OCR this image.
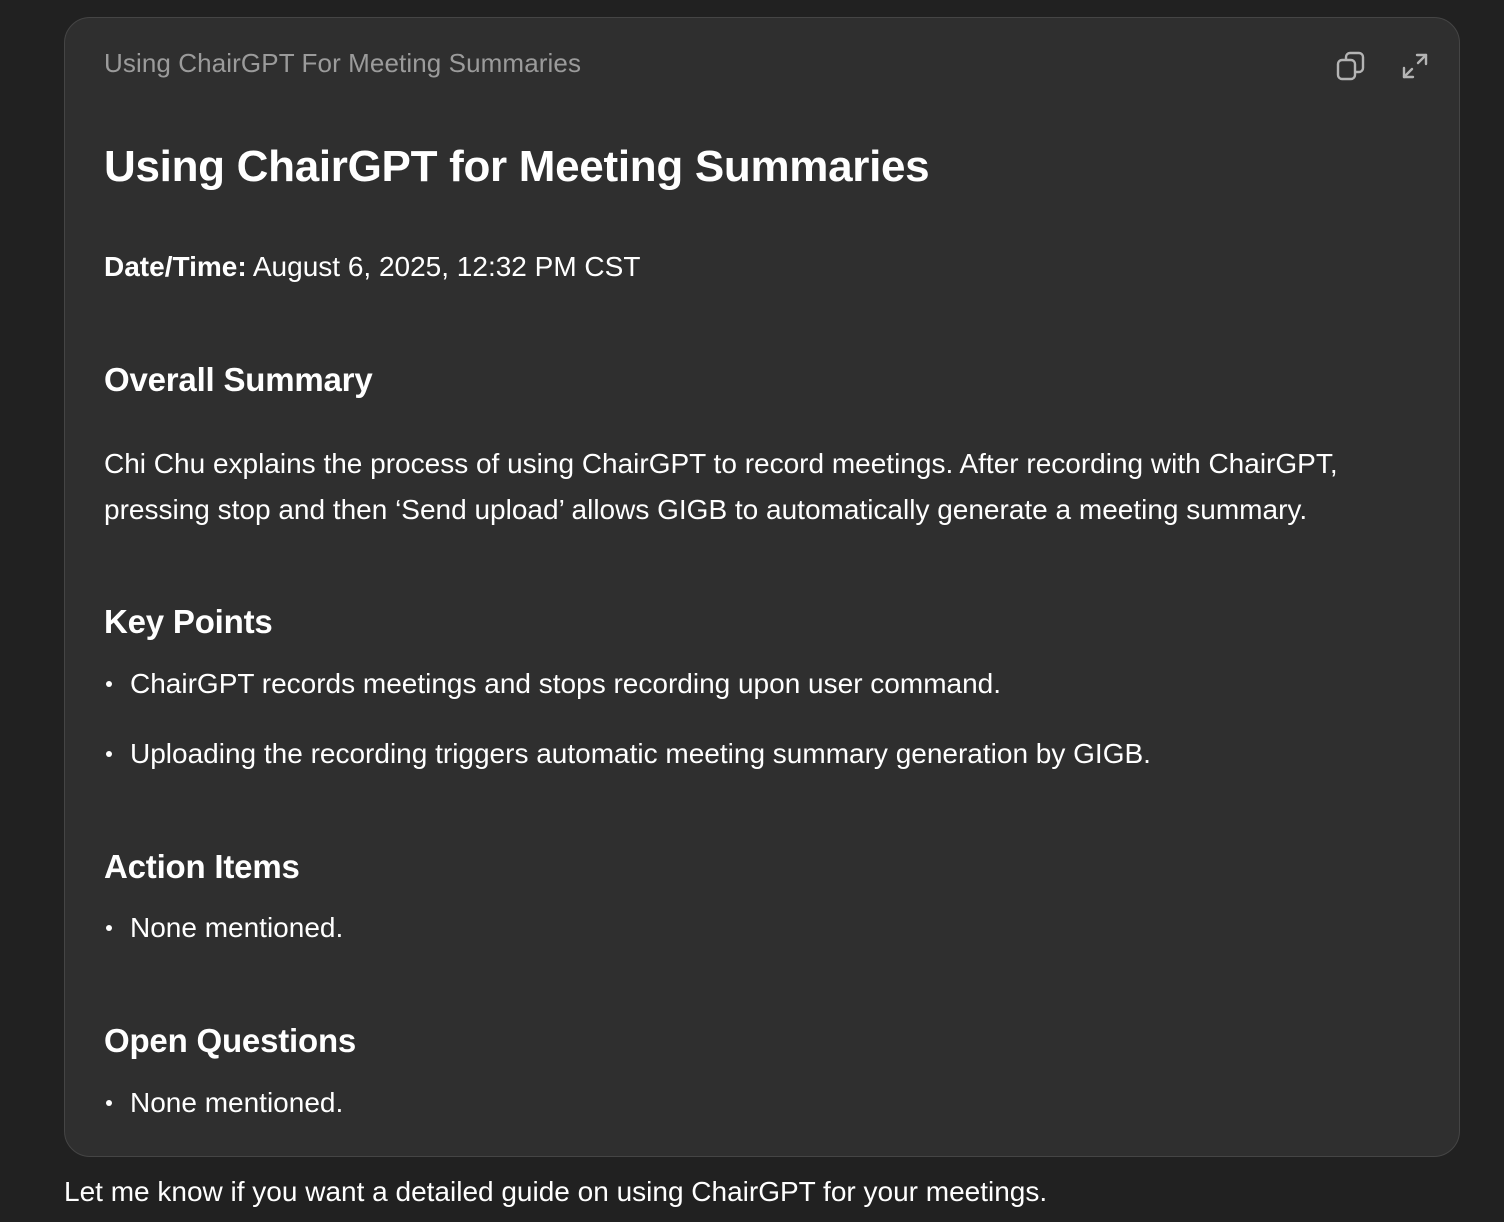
Using ChairGPT For Meeting Summaries
Using ChairGPT for Meeting Summaries
Date/Time: August 6, 2025, 12:32 PM CST
Overall Summary
Chi Chu explains the process of using ChairGPT to record meetings. After recording with ChairGPT, pressing stop and then ‘Send upload’ allows GIGB to automatically generate a meeting summary.
Key Points
ChairGPT records meetings and stops recording upon user command.
Uploading the recording triggers automatic meeting summary generation by GIGB.
Action Items
None mentioned.
Open Questions
None mentioned.
Let me know if you want a detailed guide on using ChairGPT for your meetings.
